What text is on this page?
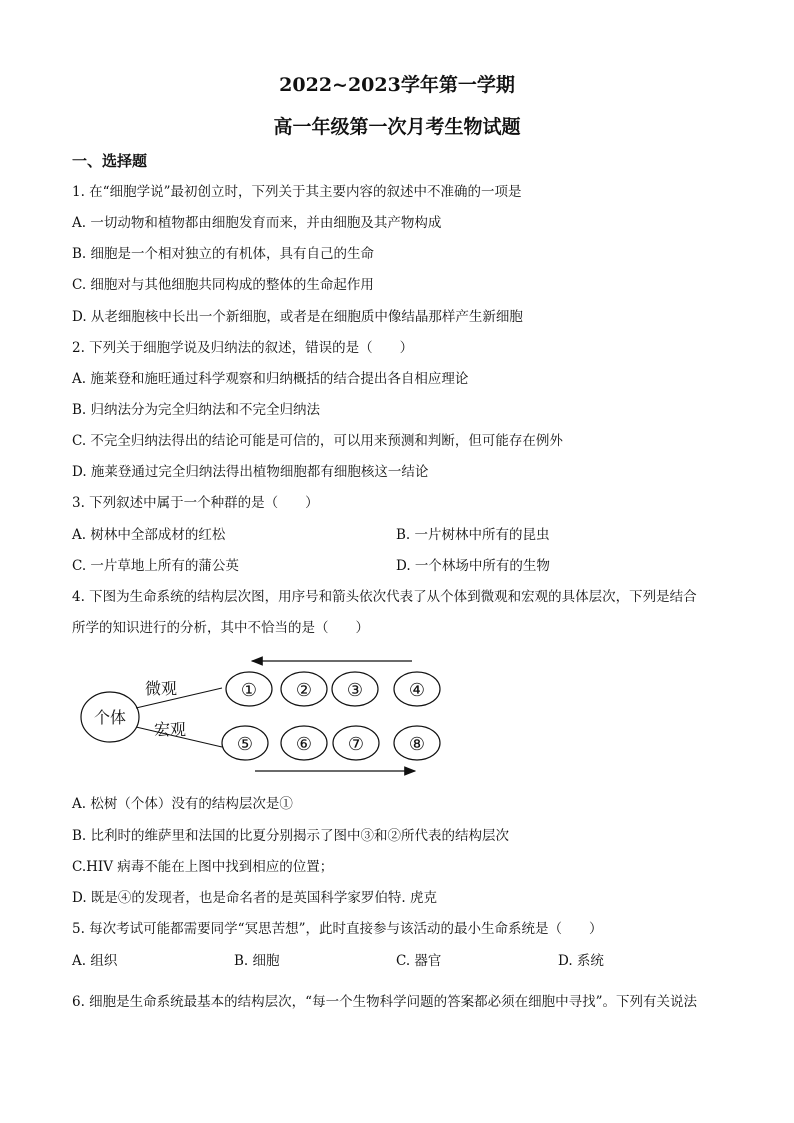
2022~2023学年第一学期
高一年级第一次月考生物试题
一、选择题
1. 在“细胞学说”最初创立时，下列关于其主要内容的叙述中不准确的一项是
A. 一切动物和植物都由细胞发育而来，并由细胞及其产物构成
B. 细胞是一个相对独立的有机体，具有自己的生命
C. 细胞对与其他细胞共同构成的整体的生命起作用
D. 从老细胞核中长出一个新细胞，或者是在细胞质中像结晶那样产生新细胞
2. 下列关于细胞学说及归纳法的叙述，错误的是（　　）
A. 施莱登和施旺通过科学观察和归纳概括的结合提出各自相应理论
B. 归纳法分为完全归纳法和不完全归纳法
C. 不完全归纳法得出的结论可能是可信的，可以用来预测和判断，但可能存在例外
D. 施莱登通过完全归纳法得出植物细胞都有细胞核这一结论
3. 下列叙述中属于一个种群的是（　　）
A. 树林中全部成材的红松	B. 一片树林中所有的昆虫
C. 一片草地上所有的蒲公英	D. 一个林场中所有的生物
4. 下图为生命系统的结构层次图，用序号和箭头依次代表了从个体到微观和宏观的具体层次，下列是结合
所学的知识进行的分析，其中不恰当的是（　　）
个体
微观
宏观
① ② ③	④
⑤ ⑥ ⑦ ⑧
A. 松树（个体）没有的结构层次是①
B. 比利时的维萨里和法国的比夏分别揭示了图中③和②所代表的结构层次
C.HIV 病毒不能在上图中找到相应的位置；
D. 既是④的发现者，也是命名者的是英国科学家罗伯特. 虎克
5. 每次考试可能都需要同学“冥思苦想”，此时直接参与该活动的最小生命系统是（　　）
A. 组织	B. 细胞	C. 器官	D. 系统
6. 细胞是生命系统最基本的结构层次，“每一个生物科学问题的答案都必须在细胞中寻找”。下列有关说法
